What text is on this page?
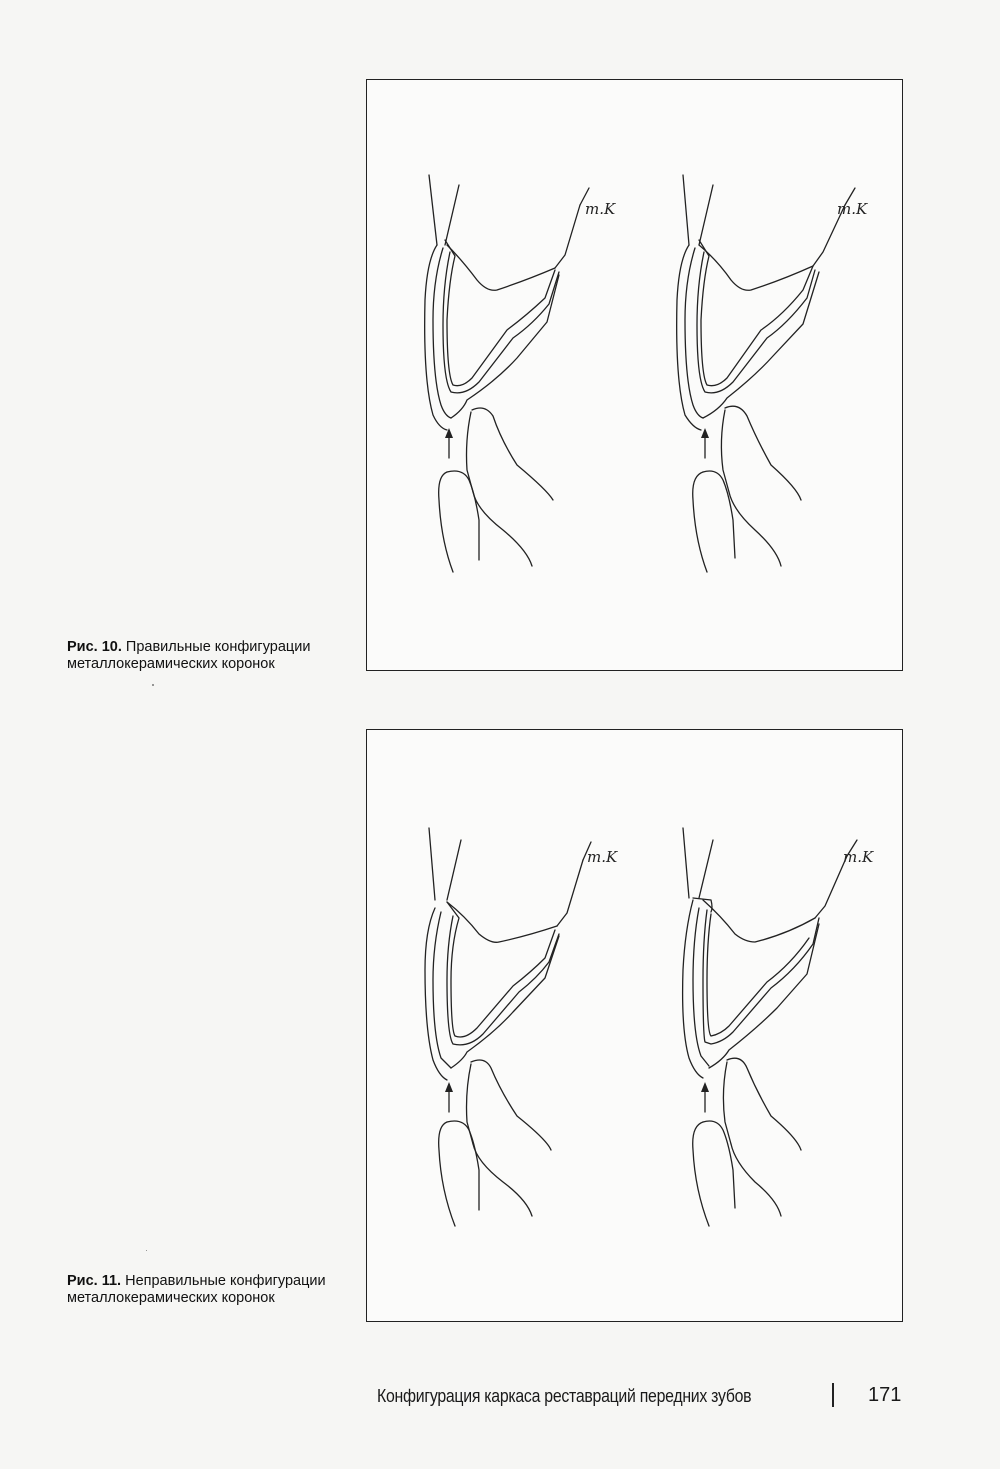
m.K	m.K
Рис. 10. Правильные конфигурации металлокерамических коронок
m.K	m.K
Рис. 11. Неправильные конфигурации металлокерамических коронок
Конфигурация каркаса реставраций передних зубов	171
